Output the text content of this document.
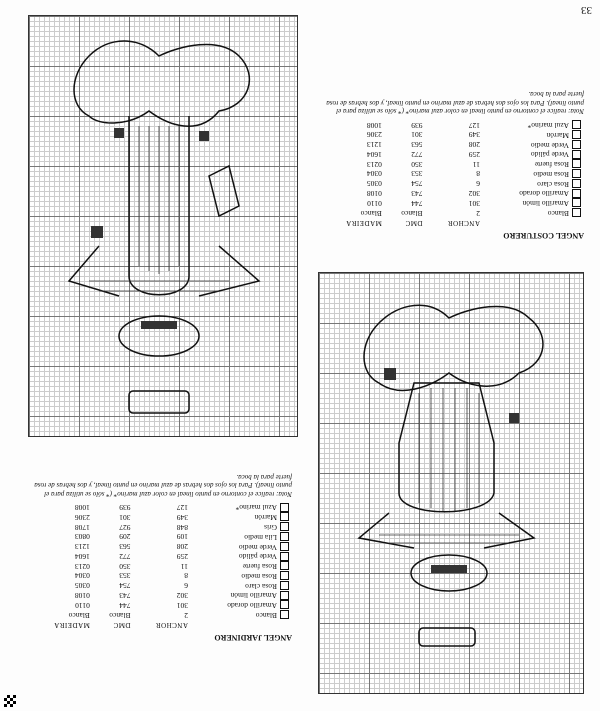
33
ANGEL JARDINERO
	ANCHOR	DMC	MADEIRA
Blanco	2	Blanco	Blanco
Amarillo dorado	301	744	0110
Amarillo limón	302	743	0108
Rosa claro	6	754	0305
Rosa medio	8	353	0304
Rosa fuerte	11	350	0213
Verde pálido	259	772	1604
Verde medio	208	563	1213
Lila medio	109	209	0803
Gris	848	927	1708
Marrón	349	301	2306
Azul marino*	127	939	1008
Nota: realice el contorno en punto lineal en color azul marino* (* sólo se utiliza para el punto lineal). Para los ojos dos hebras de azul marino en punto lineal, y dos hebras de rosa fuerte para la boca.
ANGEL COSTURERO
	ANCHOR	DMC	MADEIRA
Blanco	2	Blanco	Blanco
Amarillo limón	301	744	0110
Amarillo dorado	302	743	0108
Rosa claro	6	754	0305
Rosa medio	8	353	0304
Rosa fuerte	11	350	0213
Verde pálido	259	772	1604
Verde medio	208	563	1213
Marrón	349	301	2306
Azul marino*	127	939	1008
Nota: realice el contorno en punto lineal en color azul marino* (* sólo se utiliza para el punto lineal). Para los ojos dos hebras de azul marino en punto lineal, y dos hebras de rosa fuerte para la boca.
